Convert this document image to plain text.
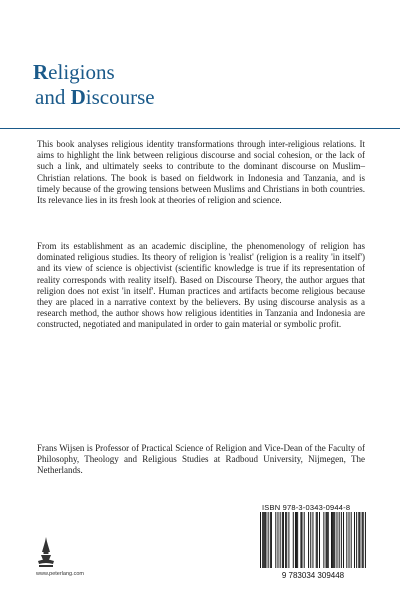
Religions
and Discourse

This book analyses religious identity transformations through inter-religious relations. It aims to highlight the link between religious discourse and social cohesion, or the lack of such a link, and ultimately seeks to contribute to the dominant discourse on Muslim–Christian relations. The book is based on fieldwork in Indonesia and Tanzania, and is timely because of the growing tensions between Muslims and Christians in both countries. Its relevance lies in its fresh look at theories of religion and science.

From its establishment as an academic discipline, the phenomenology of religion has dominated religious studies. Its theory of religion is 'realist' (religion is a reality 'in itself') and its view of science is objectivist (scientific knowledge is true if its representation of reality corresponds with reality itself). Based on Discourse Theory, the author argues that religion does not exist 'in itself'. Human practices and artifacts become religious because they are placed in a narrative context by the believers. By using discourse analysis as a research method, the author shows how religious identities in Tanzania and Indonesia are constructed, negotiated and manipulated in order to gain material or symbolic profit.

Frans Wijsen is Professor of Practical Science of Religion and Vice-Dean of the Faculty of Philosophy, Theology and Religious Studies at Radboud University, Nijmegen, The Netherlands.

ISBN 978-3-0343-0944-8
9 783034 309448
www.peterlang.com
